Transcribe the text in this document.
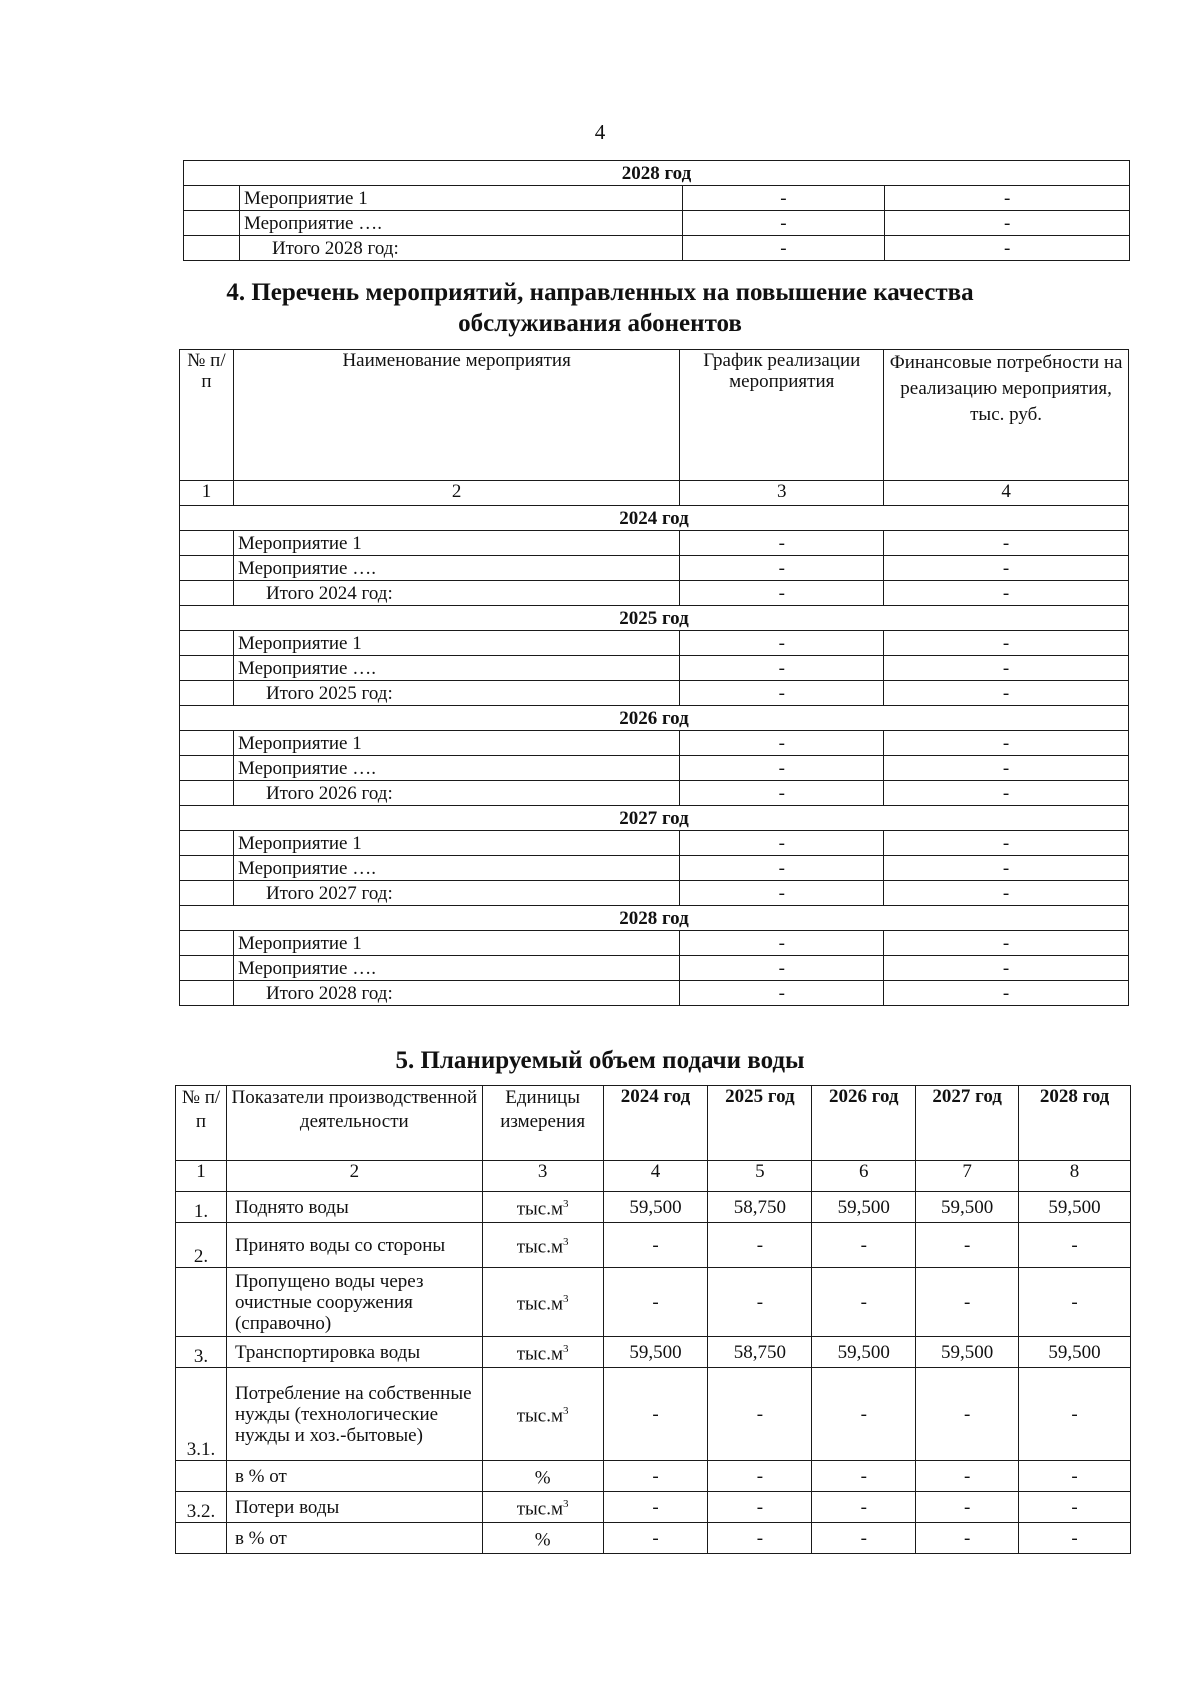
4
2028 год			
	Мероприятие 1	-	-
	Мероприятие ….	-	-
	Итого 2028 год:	-	-
4. Перечень мероприятий, направленных на повышение качества
обслуживания абонентов
№ п/п	Наименование мероприятия	График реализации мероприятия	Финансовые потребности на реализацию мероприятия, тыс. руб.
1	2	3	4
2024 год			
	Мероприятие 1	-	-
	Мероприятие ….	-	-
	Итого 2024 год:	-	-
2025 год			
	Мероприятие 1	-	-
	Мероприятие ….	-	-
	Итого 2025 год:	-	-
2026 год			
	Мероприятие 1	-	-
	Мероприятие ….	-	-
	Итого 2026 год:	-	-
2027 год			
	Мероприятие 1	-	-
	Мероприятие ….	-	-
	Итого 2027 год:	-	-
2028 год			
	Мероприятие 1	-	-
	Мероприятие ….	-	-
	Итого 2028 год:	-	-
5. Планируемый объем подачи воды
№ п/п	Показатели производственной деятельности	Единицы измерения	2024 год	2025 год	2026 год	2027 год	2028 год
1	2	3	4	5	6	7	8
1.	Поднято воды	$тыс.м^3$	59,500	58,750	59,500	59,500	59,500
2.	Принято воды со стороны	$тыс.м^3$	-	-	-	-	-
	Пропущено воды через очистные сооружения (справочно)	$тыс.м^3$	-	-	-	-	-
3.	Транспортировка воды	$тыс.м^3$	59,500	58,750	59,500	59,500	59,500
3.1.	Потребление на собственные нужды (технологические нужды и хоз.-бытовые)	$тыс.м^3$	-	-	-	-	-
	в % от	%	-	-	-	-	-
3.2.	Потери воды	$тыс.м^3$	-	-	-	-	-
	в % от	%	-	-	-	-	-
